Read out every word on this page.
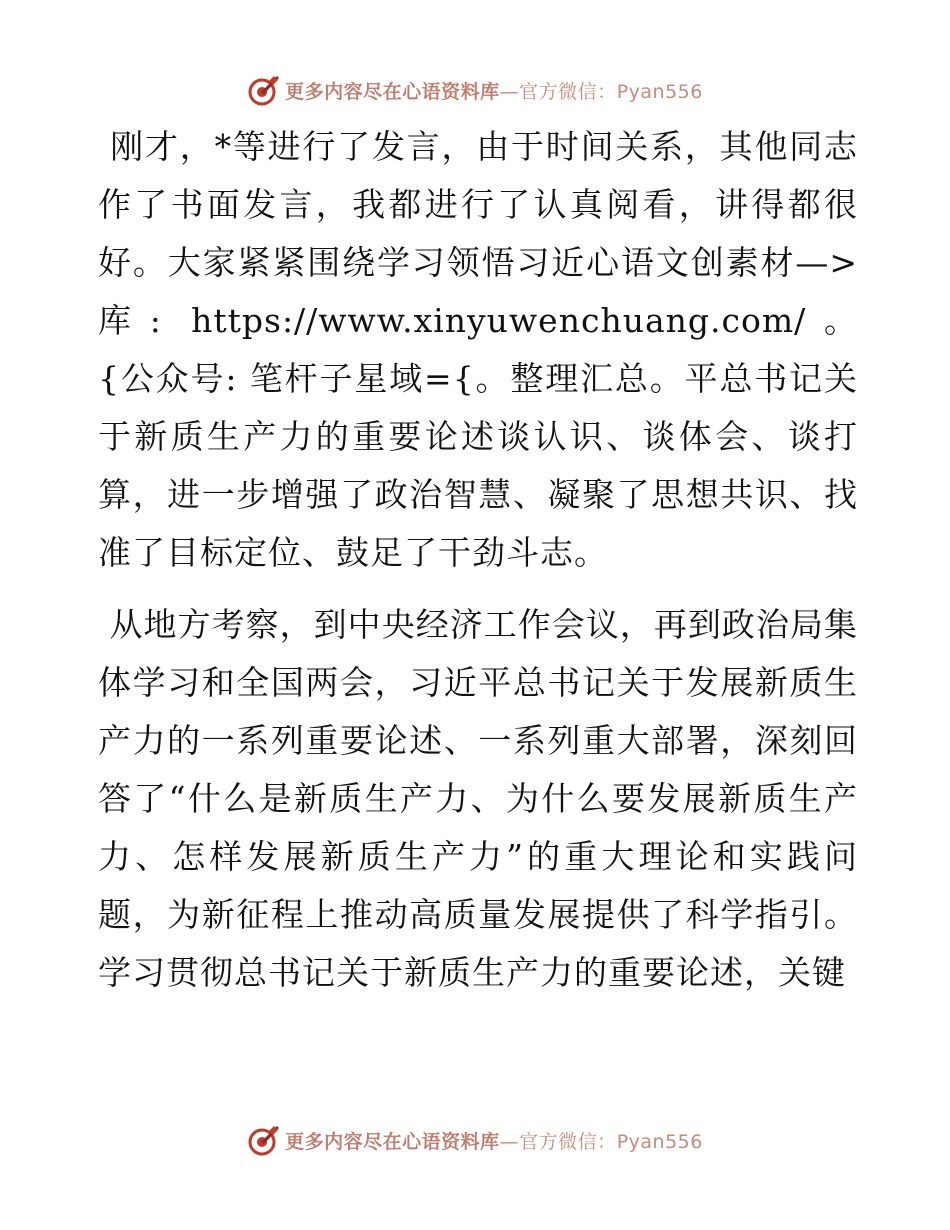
更多内容尽在心语资料库—官方微信：Pyan556

刚才，*等进行了发言，由于时间关系，其他同志作了书面发言，我都进行了认真阅看，讲得都很好。大家紧紧围绕学习领悟习近心语文创素材—>库: https://www.xinyuwenchuang.com/。{公众号: 笔杆子星域={。整理汇总。平总书记关于新质生产力的重要论述谈认识、谈体会、谈打算，进一步增强了政治智慧、凝聚了思想共识、找准了目标定位、鼓足了干劲斗志。

从地方考察，到中央经济工作会议，再到政治局集体学习和全国两会，习近平总书记关于发展新质生产力的一系列重要论述、一系列重大部署，深刻回答了“什么是新质生产力、为什么要发展新质生产力、怎样发展新质生产力”的重大理论和实践问题，为新征程上推动高质量发展提供了科学指引。学习贯彻总书记关于新质生产力的重要论述，关键

更多内容尽在心语资料库—官方微信：Pyan556
